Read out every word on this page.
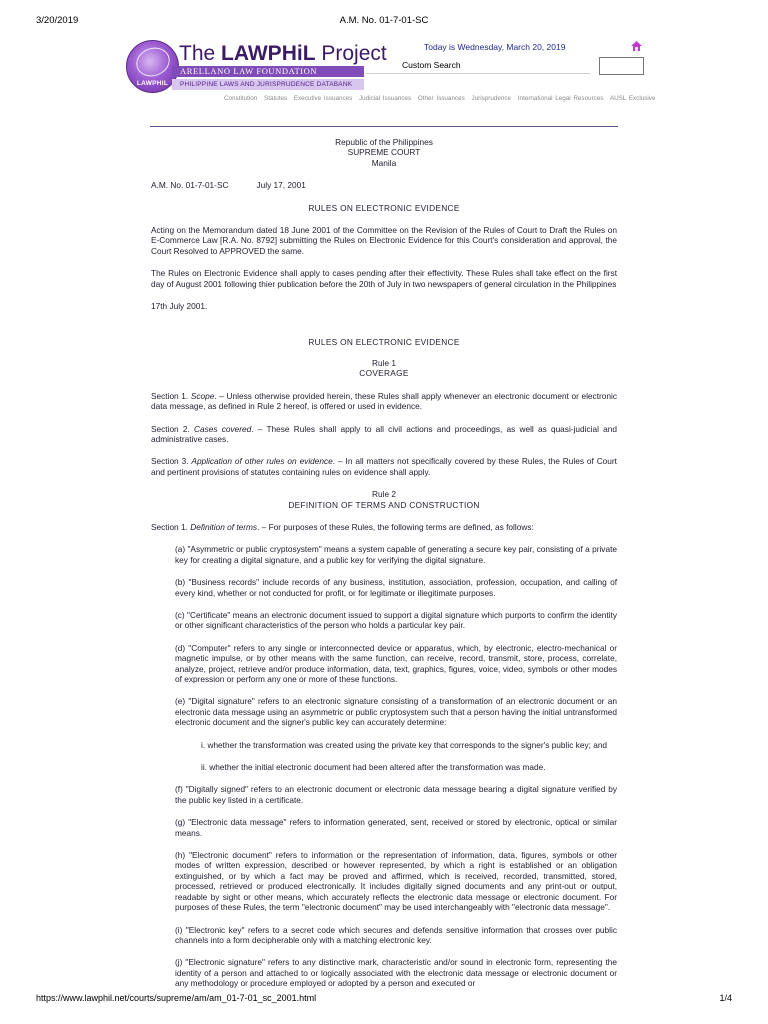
3/20/2019	A.M. No. 01-7-01-SC
LAWPHIL
The LAWPHiL Project
ARELLANO LAW FOUNDATION
PHILIPPINE LAWS AND JURISPRUDENCE DATABANK
Today is Wednesday, March 20, 2019
Custom Search
Constitution Statutes Executive Issuances Judicial Issuances Other Issuances Jurisprudence International Legal Resources AUSL Exclusive

Republic of the Philippines

SUPREME COURT

Manila

A.M. No. 01-7-01-SC	July 17, 2001

RULES ON ELECTRONIC EVIDENCE

Acting on the Memorandum dated 18 June 2001 of the Committee on the Revision of the Rules of Court to Draft the Rules on E-Commerce Law [R.A. No. 8792] submitting the Rules on Electronic Evidence for this Court's consideration and approval, the Court Resolved to APPROVED the same.

The Rules on Electronic Evidence shall apply to cases pending after their effectivity. These Rules shall take effect on the first day of August 2001 following thier publication before the 20th of July in two newspapers of general circulation in the Philippines

17th July 2001.

RULES ON ELECTRONIC EVIDENCE

Rule 1

COVERAGE

Section 1. Scope. – Unless otherwise provided herein, these Rules shall apply whenever an electronic document or electronic data message, as defined in Rule 2 hereof, is offered or used in evidence.

Section 2. Cases covered. – These Rules shall apply to all civil actions and proceedings, as well as quasi-judicial and administrative cases.

Section 3. Application of other rules on evidence. – In all matters not specifically covered by these Rules, the Rules of Court and pertinent provisions of statutes containing rules on evidence shall apply.

Rule 2

DEFINITION OF TERMS AND CONSTRUCTION

Section 1. Definition of terms. – For purposes of these Rules, the following terms are defined, as follows:

(a) "Asymmetric or public cryptosystem" means a system capable of generating a secure key pair, consisting of a private key for creating a digital signature, and a public key for verifying the digital signature.

(b) "Business records" include records of any business, institution, association, profession, occupation, and calling of every kind, whether or not conducted for profit, or for legitimate or illegitimate purposes.

(c) "Certificate" means an electronic document issued to support a digital signature which purports to confirm the identity or other significant characteristics of the person who holds a particular key pair.

(d) "Computer" refers to any single or interconnected device or apparatus, which, by electronic, electro-mechanical or magnetic impulse, or by other means with the same function, can receive, record, transmit, store, process, correlate, analyze, project, retrieve and/or produce information, data, text, graphics, figures, voice, video, symbols or other modes of expression or perform any one or more of these functions.

(e) "Digital signature" refers to an electronic signature consisting of a transformation of an electronic document or an electronic data message using an asymmetric or public cryptosystem such that a person having the initial untransformed electronic document and the signer's public key can accurately determine:

i. whether the transformation was created using the private key that corresponds to the signer's public key; and

ii. whether the initial electronic document had been altered after the transformation was made.

(f) "Digitally signed" refers to an electronic document or electronic data message bearing a digital signature verified by the public key listed in a certificate.

(g) "Electronic data message" refers to information generated, sent, received or stored by electronic, optical or similar means.

(h) "Electronic document" refers to information or the representation of information, data, figures, symbols or other modes of written expression, described or however represented, by which a right is established or an obligation extinguished, or by which a fact may be proved and affirmed, which is received, recorded, transmitted, stored, processed, retrieved or produced electronically. It includes digitally signed documents and any print-out or output, readable by sight or other means, which accurately reflects the electronic data message or electronic document. For purposes of these Rules, the term "electronic document" may be used interchangeably with "electronic data message".

(i) "Electronic key" refers to a secret code which secures and defends sensitive information that crosses over public channels into a form decipherable only with a matching electronic key.

(j) "Electronic signature" refers to any distinctive mark, characteristic and/or sound in electronic form, representing the identity of a person and attached to or logically associated with the electronic data message or electronic document or any methodology or procedure employed or adopted by a person and executed or

https://www.lawphil.net/courts/supreme/am/am_01-7-01_sc_2001.html	1/4
